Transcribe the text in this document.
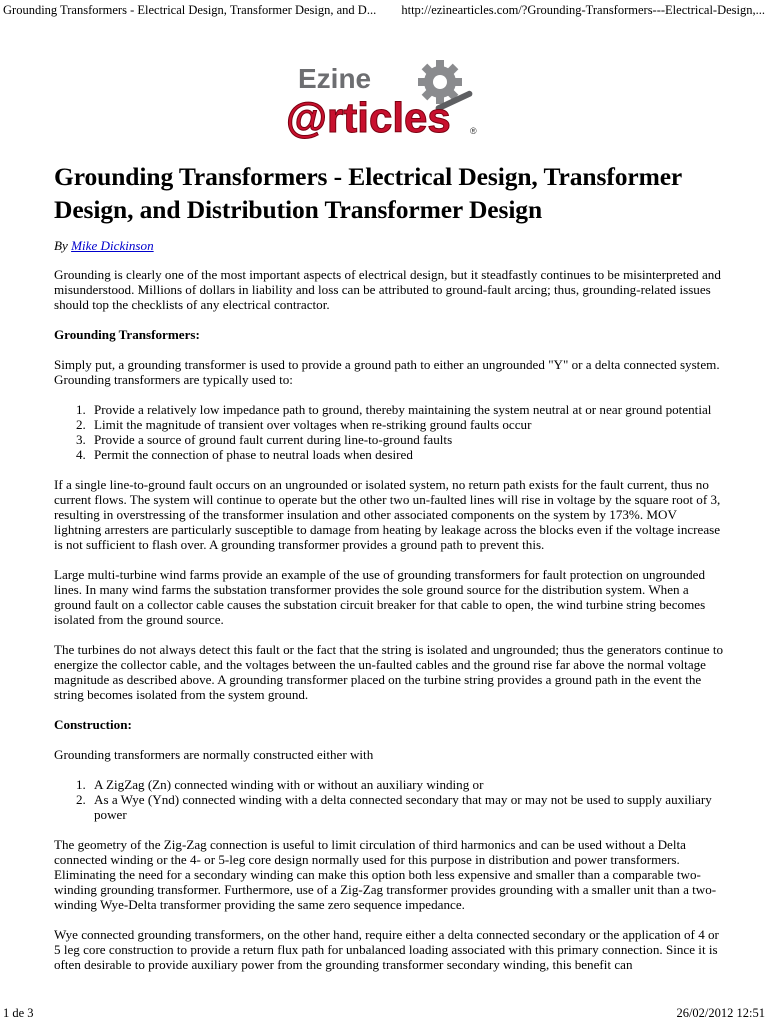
Grounding Transformers - Electrical Design, Transformer Design, and D... http://ezinearticles.com/?Grounding-Transformers---Electrical-Design,...
Ezine
@rticles ®
Grounding Transformers - Electrical Design, Transformer Design, and Distribution Transformer Design

By Mike Dickinson

Grounding is clearly one of the most important aspects of electrical design, but it steadfastly continues to be misinterpreted and misunderstood. Millions of dollars in liability and loss can be attributed to ground-fault arcing; thus, grounding-related issues should top the checklists of any electrical contractor.

Grounding Transformers:

Simply put, a grounding transformer is used to provide a ground path to either an ungrounded "Y" or a delta connected system. Grounding transformers are typically used to:

1. Provide a relatively low impedance path to ground, thereby maintaining the system neutral at or near ground potential
2. Limit the magnitude of transient over voltages when re-striking ground faults occur
3. Provide a source of ground fault current during line-to-ground faults
4. Permit the connection of phase to neutral loads when desired

If a single line-to-ground fault occurs on an ungrounded or isolated system, no return path exists for the fault current, thus no current flows. The system will continue to operate but the other two un-faulted lines will rise in voltage by the square root of 3, resulting in overstressing of the transformer insulation and other associated components on the system by 173%. MOV lightning arresters are particularly susceptible to damage from heating by leakage across the blocks even if the voltage increase is not sufficient to flash over. A grounding transformer provides a ground path to prevent this.

Large multi-turbine wind farms provide an example of the use of grounding transformers for fault protection on ungrounded lines. In many wind farms the substation transformer provides the sole ground source for the distribution system. When a ground fault on a collector cable causes the substation circuit breaker for that cable to open, the wind turbine string becomes isolated from the ground source.

The turbines do not always detect this fault or the fact that the string is isolated and ungrounded; thus the generators continue to energize the collector cable, and the voltages between the un-faulted cables and the ground rise far above the normal voltage magnitude as described above. A grounding transformer placed on the turbine string provides a ground path in the event the string becomes isolated from the system ground.

Construction:

Grounding transformers are normally constructed either with

1. A ZigZag (Zn) connected winding with or without an auxiliary winding or
2. As a Wye (Ynd) connected winding with a delta connected secondary that may or may not be used to supply auxiliary power

The geometry of the Zig-Zag connection is useful to limit circulation of third harmonics and can be used without a Delta connected winding or the 4- or 5-leg core design normally used for this purpose in distribution and power transformers. Eliminating the need for a secondary winding can make this option both less expensive and smaller than a comparable two-winding grounding transformer. Furthermore, use of a Zig-Zag transformer provides grounding with a smaller unit than a two-winding Wye-Delta transformer providing the same zero sequence impedance.

Wye connected grounding transformers, on the other hand, require either a delta connected secondary or the application of 4 or 5 leg core construction to provide a return flux path for unbalanced loading associated with this primary connection. Since it is often desirable to provide auxiliary power from the grounding transformer secondary winding, this benefit can

1 de 3	26/02/2012 12:51
